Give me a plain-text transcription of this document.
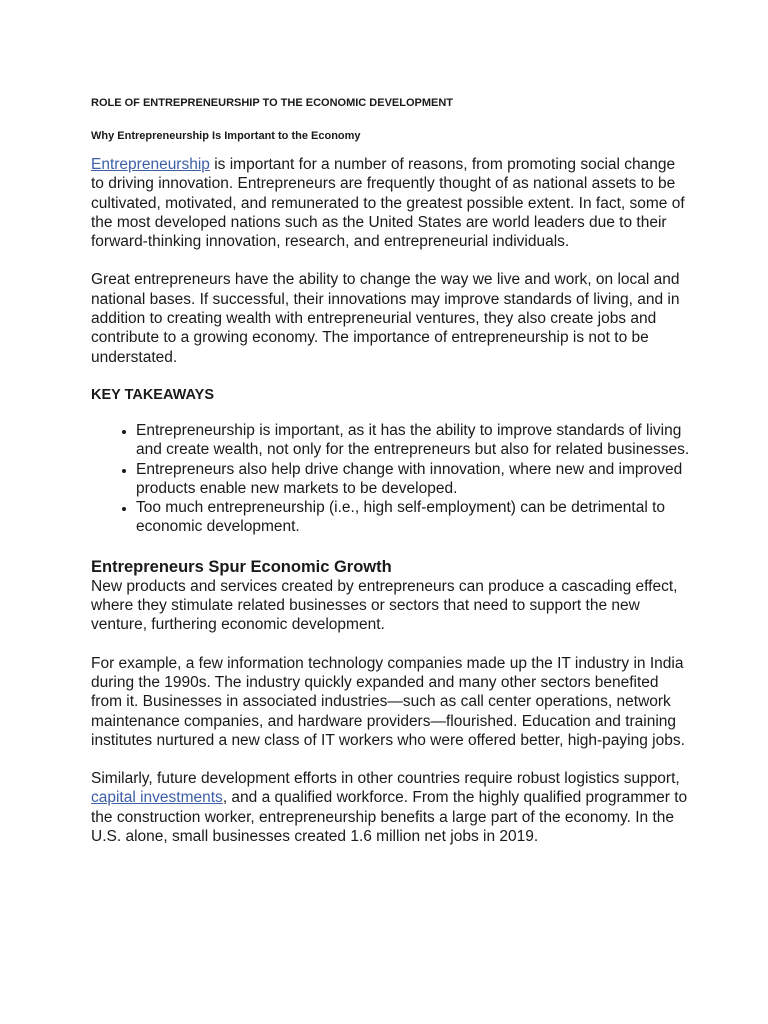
ROLE OF ENTREPRENEURSHIP TO THE ECONOMIC DEVELOPMENT
Why Entrepreneurship Is Important to the Economy

Entrepreneurship is important for a number of reasons, from promoting social change to driving innovation. Entrepreneurs are frequently thought of as national assets to be cultivated, motivated, and remunerated to the greatest possible extent. In fact, some of the most developed nations such as the United States are world leaders due to their forward-thinking innovation, research, and entrepreneurial individuals.

Great entrepreneurs have the ability to change the way we live and work, on local and national bases. If successful, their innovations may improve standards of living, and in addition to creating wealth with entrepreneurial ventures, they also create jobs and contribute to a growing economy. The importance of entrepreneurship is not to be understated.

KEY TAKEAWAYS
• Entrepreneurship is important, as it has the ability to improve standards of living and create wealth, not only for the entrepreneurs but also for related businesses.
• Entrepreneurs also help drive change with innovation, where new and improved products enable new markets to be developed.
• Too much entrepreneurship (i.e., high self-employment) can be detrimental to economic development.
Entrepreneurs Spur Economic Growth

New products and services created by entrepreneurs can produce a cascading effect, where they stimulate related businesses or sectors that need to support the new venture, furthering economic development.

For example, a few information technology companies made up the IT industry in India during the 1990s. The industry quickly expanded and many other sectors benefited from it. Businesses in associated industries—such as call center operations, network maintenance companies, and hardware providers—flourished. Education and training institutes nurtured a new class of IT workers who were offered better, high-paying jobs.

Similarly, future development efforts in other countries require robust logistics support, capital investments, and a qualified workforce. From the highly qualified programmer to the construction worker, entrepreneurship benefits a large part of the economy. In the U.S. alone, small businesses created 1.6 million net jobs in 2019.
